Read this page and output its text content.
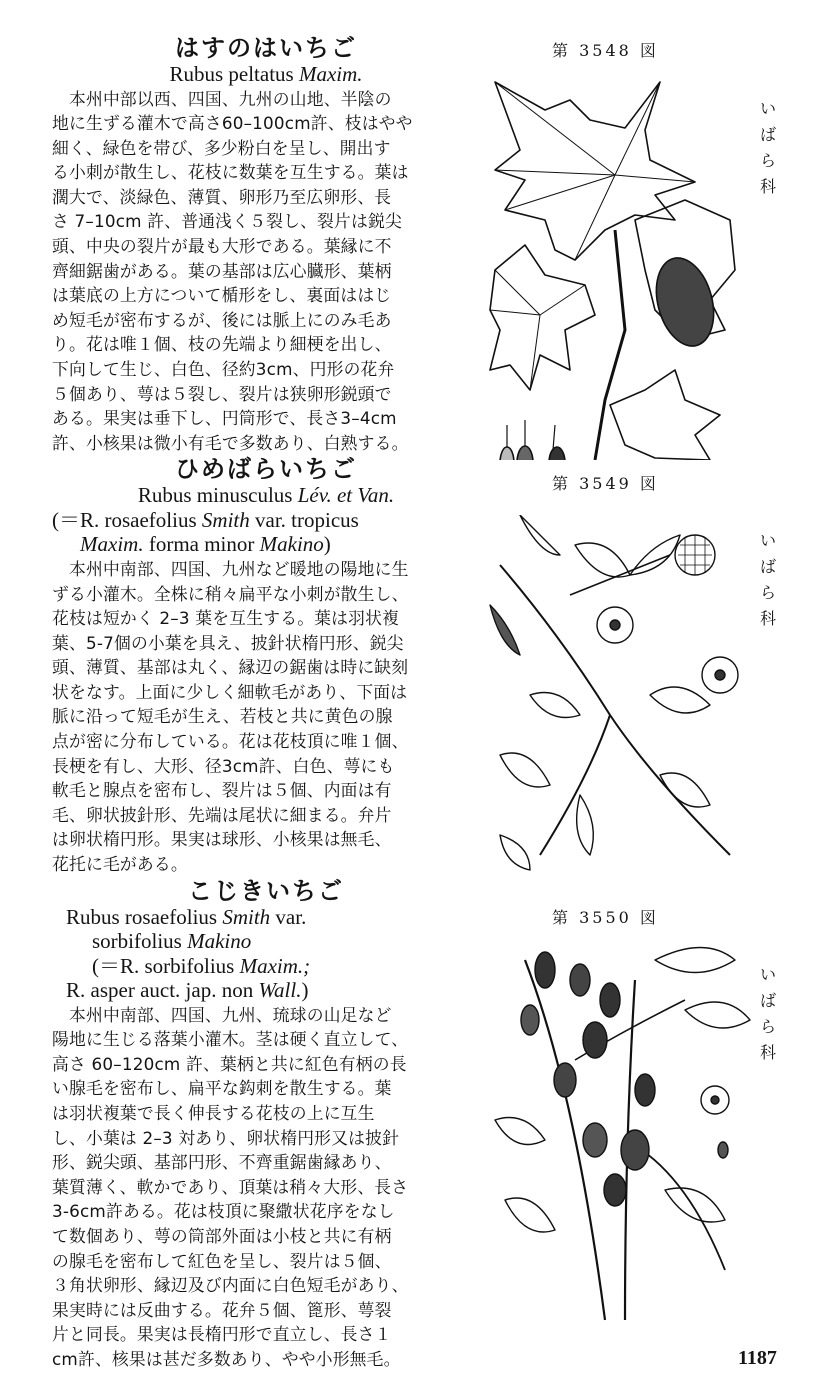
はすのはいちご

Rubus peltatus Maxim.

　本州中部以西、四国、九州の山地、半陰の
地に生ずる灌木で高さ60–100cm許、枝はやや
細く、緑色を帯び、多少粉白を呈し、開出す
る小刺が散生し、花枝に数葉を互生する。葉は
濶大で、淡緑色、薄質、卵形乃至広卵形、長
さ 7–10cm 許、普通浅く５裂し、裂片は鋭尖
頭、中央の裂片が最も大形である。葉縁に不
齊細鋸歯がある。葉の基部は広心臓形、葉柄
は葉底の上方について楯形をし、裏面ははじ
め短毛が密布するが、後には脈上にのみ毛あ
り。花は唯１個、枝の先端より細梗を出し、
下向して生じ、白色、径約3cm、円形の花弁
５個あり、萼は５裂し、裂片は狭卵形鋭頭で
ある。果実は垂下し、円筒形で、長さ3–4cm
許、小核果は微小有毛で多数あり、白熟する。

ひめばらいちご

Rubus minusculus Lév. et Van.

(＝R. rosaefolius Smith var. tropicus

Maxim. forma minor Makino)

　本州中南部、四国、九州など暖地の陽地に生
ずる小灌木。全株に稍々扁平な小刺が散生し、
花枝は短かく 2–3 葉を互生する。葉は羽状複
葉、5-7個の小葉を具え、披針状楕円形、鋭尖
頭、薄質、基部は丸く、縁辺の鋸歯は時に缺刻
状をなす。上面に少しく細軟毛があり、下面は
脈に沿って短毛が生え、若枝と共に黄色の腺
点が密に分布している。花は花枝頂に唯１個、
長梗を有し、大形、径3cm許、白色、萼にも
軟毛と腺点を密布し、裂片は５個、内面は有
毛、卵状披針形、先端は尾状に細まる。弁片
は卵状楕円形。果実は球形、小核果は無毛、
花托に毛がある。

こじきいちご

Rubus rosaefolius Smith var.

sorbifolius Makino

(＝R. sorbifolius Maxim.;

R. asper auct. jap. non Wall.)

　本州中南部、四国、九州、琉球の山足など
陽地に生じる落葉小灌木。茎は硬く直立して、
高さ 60–120cm 許、葉柄と共に紅色有柄の長
い腺毛を密布し、扁平な鈎刺を散生する。葉
は羽状複葉で長く伸長する花枝の上に互生
し、小葉は 2–3 対あり、卵状楕円形又は披針
形、鋭尖頭、基部円形、不齊重鋸歯縁あり、
葉質薄く、軟かであり、頂葉は稍々大形、長さ
3-6cm許ある。花は枝頂に聚繖状花序をなし
て数個あり、萼の筒部外面は小枝と共に有柄
の腺毛を密布して紅色を呈し、裂片は５個、
３角状卵形、縁辺及び内面に白色短毛があり、
果実時には反曲する。花弁５個、篦形、萼裂
片と同長。果実は長楕円形で直立し、長さ１
cm許、核果は甚だ多数あり、やや小形無毛。

第 3548 図
い
ば
ら
科
第 3549 図
い
ば
ら
科
第 3550 図
い
ば
ら
科
1187
